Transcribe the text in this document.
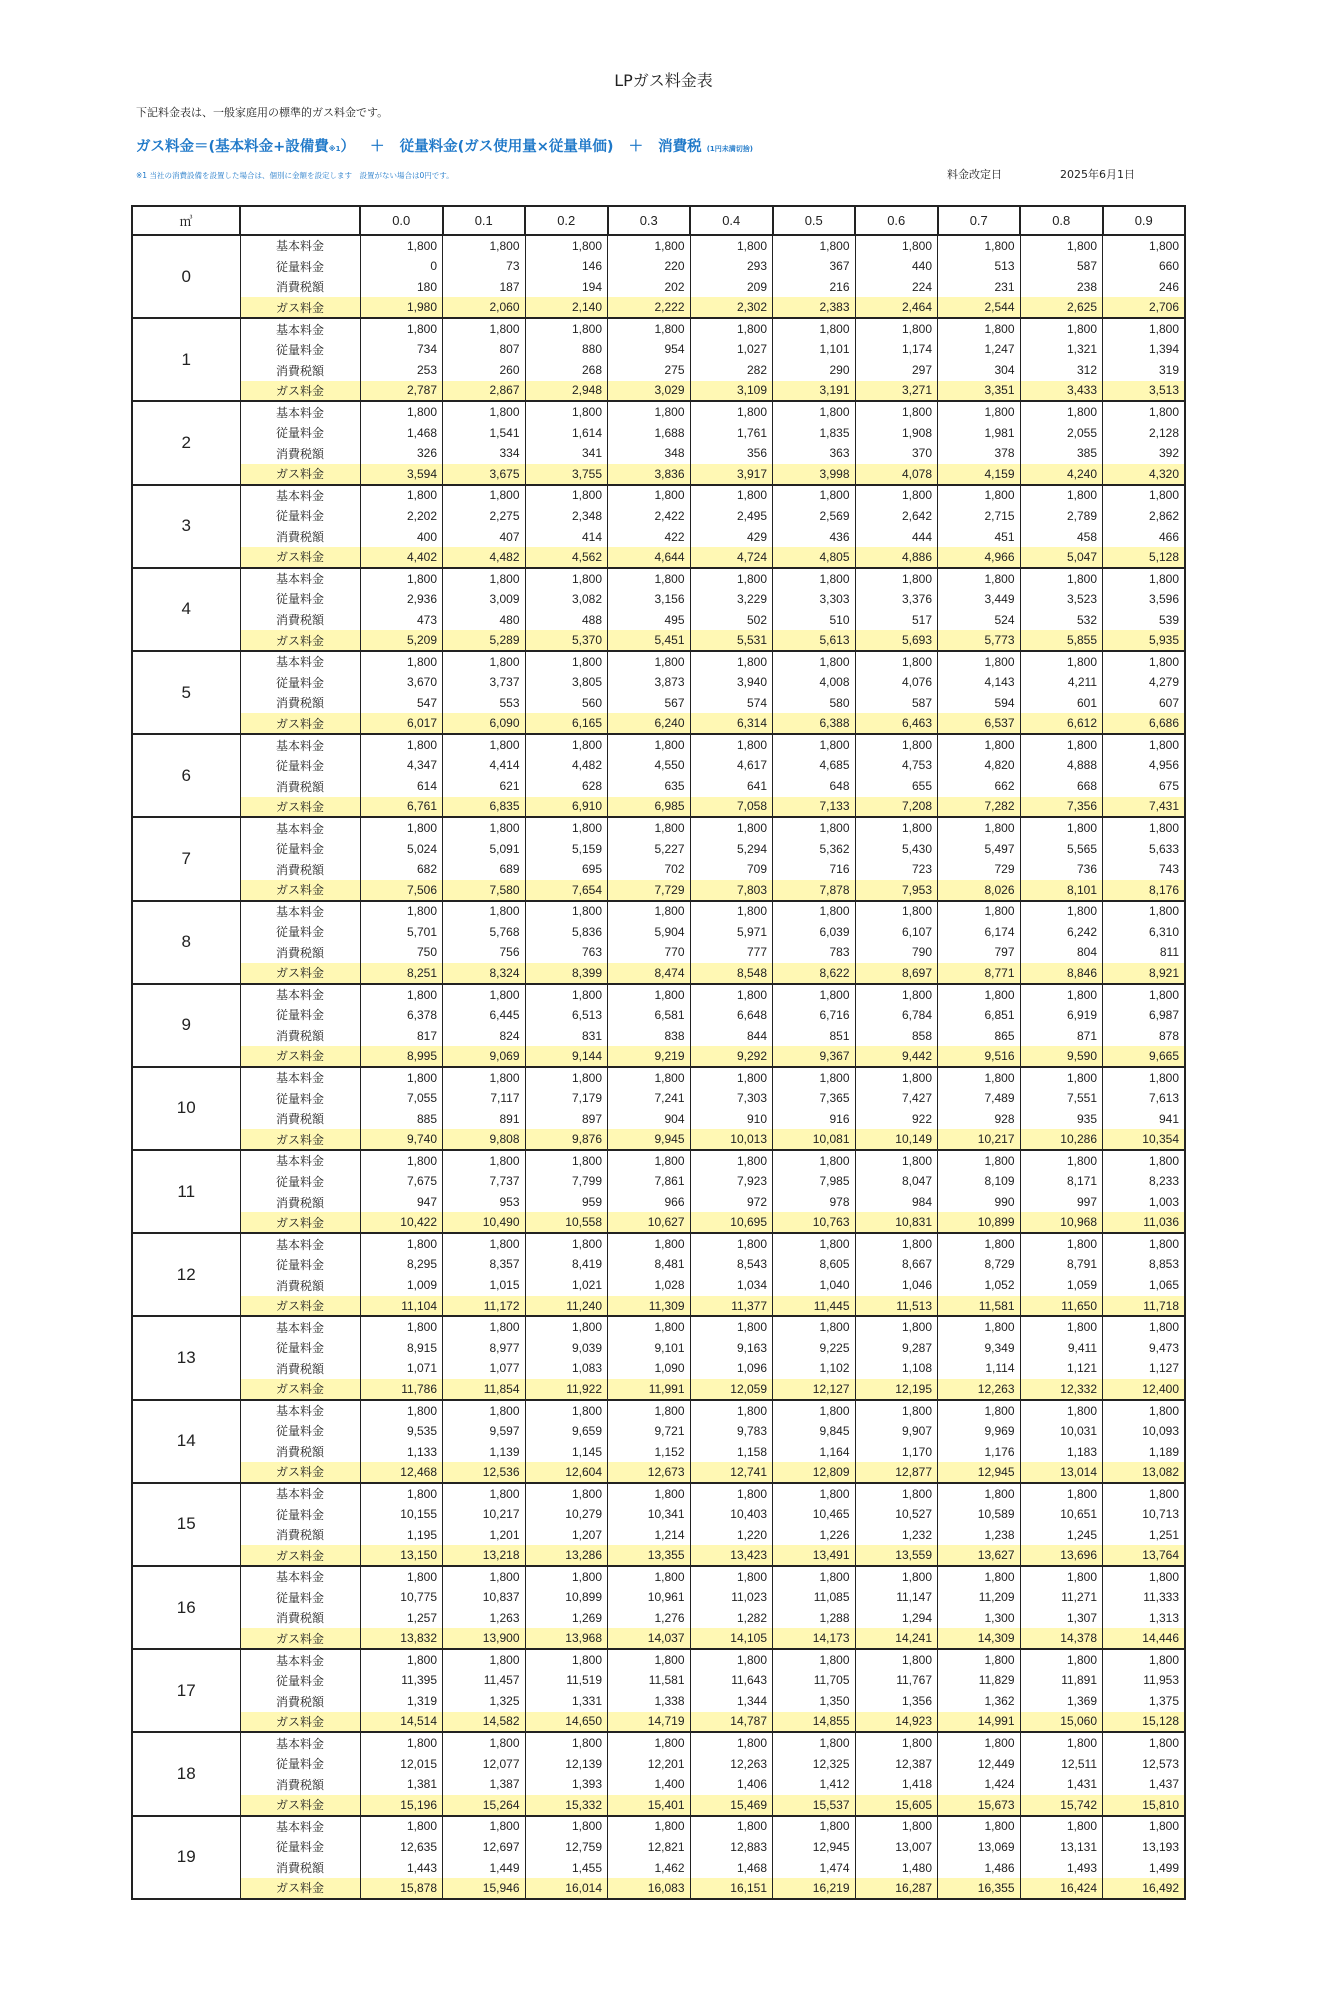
LPガス料金表
下記料金表は、一般家庭用の標準的ガス料金です。
ガス料金＝(基本料金+設備費※1） ＋ 従量料金(ガス使用量×従量単価) ＋ 消費税 (1円未満切捨)
※1 当社の消費設備を設置した場合は、個別に金額を設定します　設置がない場合は0円です。	料金改定日	2025年6月1日
㎥		0.0	0.1	0.2	0.3	0.4	0.5	0.6	0.7	0.8	0.9
0	基本料金	1,800	1,800	1,800	1,800	1,800	1,800	1,800	1,800	1,800	1,800
	従量料金	0	73	146	220	293	367	440	513	587	660
	消費税額	180	187	194	202	209	216	224	231	238	246
	ガス料金	1,980	2,060	2,140	2,222	2,302	2,383	2,464	2,544	2,625	2,706
1	基本料金	1,800	1,800	1,800	1,800	1,800	1,800	1,800	1,800	1,800	1,800
	従量料金	734	807	880	954	1,027	1,101	1,174	1,247	1,321	1,394
	消費税額	253	260	268	275	282	290	297	304	312	319
	ガス料金	2,787	2,867	2,948	3,029	3,109	3,191	3,271	3,351	3,433	3,513
2	基本料金	1,800	1,800	1,800	1,800	1,800	1,800	1,800	1,800	1,800	1,800
	従量料金	1,468	1,541	1,614	1,688	1,761	1,835	1,908	1,981	2,055	2,128
	消費税額	326	334	341	348	356	363	370	378	385	392
	ガス料金	3,594	3,675	3,755	3,836	3,917	3,998	4,078	4,159	4,240	4,320
3	基本料金	1,800	1,800	1,800	1,800	1,800	1,800	1,800	1,800	1,800	1,800
	従量料金	2,202	2,275	2,348	2,422	2,495	2,569	2,642	2,715	2,789	2,862
	消費税額	400	407	414	422	429	436	444	451	458	466
	ガス料金	4,402	4,482	4,562	4,644	4,724	4,805	4,886	4,966	5,047	5,128
4	基本料金	1,800	1,800	1,800	1,800	1,800	1,800	1,800	1,800	1,800	1,800
	従量料金	2,936	3,009	3,082	3,156	3,229	3,303	3,376	3,449	3,523	3,596
	消費税額	473	480	488	495	502	510	517	524	532	539
	ガス料金	5,209	5,289	5,370	5,451	5,531	5,613	5,693	5,773	5,855	5,935
5	基本料金	1,800	1,800	1,800	1,800	1,800	1,800	1,800	1,800	1,800	1,800
	従量料金	3,670	3,737	3,805	3,873	3,940	4,008	4,076	4,143	4,211	4,279
	消費税額	547	553	560	567	574	580	587	594	601	607
	ガス料金	6,017	6,090	6,165	6,240	6,314	6,388	6,463	6,537	6,612	6,686
6	基本料金	1,800	1,800	1,800	1,800	1,800	1,800	1,800	1,800	1,800	1,800
	従量料金	4,347	4,414	4,482	4,550	4,617	4,685	4,753	4,820	4,888	4,956
	消費税額	614	621	628	635	641	648	655	662	668	675
	ガス料金	6,761	6,835	6,910	6,985	7,058	7,133	7,208	7,282	7,356	7,431
7	基本料金	1,800	1,800	1,800	1,800	1,800	1,800	1,800	1,800	1,800	1,800
	従量料金	5,024	5,091	5,159	5,227	5,294	5,362	5,430	5,497	5,565	5,633
	消費税額	682	689	695	702	709	716	723	729	736	743
	ガス料金	7,506	7,580	7,654	7,729	7,803	7,878	7,953	8,026	8,101	8,176
8	基本料金	1,800	1,800	1,800	1,800	1,800	1,800	1,800	1,800	1,800	1,800
	従量料金	5,701	5,768	5,836	5,904	5,971	6,039	6,107	6,174	6,242	6,310
	消費税額	750	756	763	770	777	783	790	797	804	811
	ガス料金	8,251	8,324	8,399	8,474	8,548	8,622	8,697	8,771	8,846	8,921
9	基本料金	1,800	1,800	1,800	1,800	1,800	1,800	1,800	1,800	1,800	1,800
	従量料金	6,378	6,445	6,513	6,581	6,648	6,716	6,784	6,851	6,919	6,987
	消費税額	817	824	831	838	844	851	858	865	871	878
	ガス料金	8,995	9,069	9,144	9,219	9,292	9,367	9,442	9,516	9,590	9,665
10	基本料金	1,800	1,800	1,800	1,800	1,800	1,800	1,800	1,800	1,800	1,800
	従量料金	7,055	7,117	7,179	7,241	7,303	7,365	7,427	7,489	7,551	7,613
	消費税額	885	891	897	904	910	916	922	928	935	941
	ガス料金	9,740	9,808	9,876	9,945	10,013	10,081	10,149	10,217	10,286	10,354
11	基本料金	1,800	1,800	1,800	1,800	1,800	1,800	1,800	1,800	1,800	1,800
	従量料金	7,675	7,737	7,799	7,861	7,923	7,985	8,047	8,109	8,171	8,233
	消費税額	947	953	959	966	972	978	984	990	997	1,003
	ガス料金	10,422	10,490	10,558	10,627	10,695	10,763	10,831	10,899	10,968	11,036
12	基本料金	1,800	1,800	1,800	1,800	1,800	1,800	1,800	1,800	1,800	1,800
	従量料金	8,295	8,357	8,419	8,481	8,543	8,605	8,667	8,729	8,791	8,853
	消費税額	1,009	1,015	1,021	1,028	1,034	1,040	1,046	1,052	1,059	1,065
	ガス料金	11,104	11,172	11,240	11,309	11,377	11,445	11,513	11,581	11,650	11,718
13	基本料金	1,800	1,800	1,800	1,800	1,800	1,800	1,800	1,800	1,800	1,800
	従量料金	8,915	8,977	9,039	9,101	9,163	9,225	9,287	9,349	9,411	9,473
	消費税額	1,071	1,077	1,083	1,090	1,096	1,102	1,108	1,114	1,121	1,127
	ガス料金	11,786	11,854	11,922	11,991	12,059	12,127	12,195	12,263	12,332	12,400
14	基本料金	1,800	1,800	1,800	1,800	1,800	1,800	1,800	1,800	1,800	1,800
	従量料金	9,535	9,597	9,659	9,721	9,783	9,845	9,907	9,969	10,031	10,093
	消費税額	1,133	1,139	1,145	1,152	1,158	1,164	1,170	1,176	1,183	1,189
	ガス料金	12,468	12,536	12,604	12,673	12,741	12,809	12,877	12,945	13,014	13,082
15	基本料金	1,800	1,800	1,800	1,800	1,800	1,800	1,800	1,800	1,800	1,800
	従量料金	10,155	10,217	10,279	10,341	10,403	10,465	10,527	10,589	10,651	10,713
	消費税額	1,195	1,201	1,207	1,214	1,220	1,226	1,232	1,238	1,245	1,251
	ガス料金	13,150	13,218	13,286	13,355	13,423	13,491	13,559	13,627	13,696	13,764
16	基本料金	1,800	1,800	1,800	1,800	1,800	1,800	1,800	1,800	1,800	1,800
	従量料金	10,775	10,837	10,899	10,961	11,023	11,085	11,147	11,209	11,271	11,333
	消費税額	1,257	1,263	1,269	1,276	1,282	1,288	1,294	1,300	1,307	1,313
	ガス料金	13,832	13,900	13,968	14,037	14,105	14,173	14,241	14,309	14,378	14,446
17	基本料金	1,800	1,800	1,800	1,800	1,800	1,800	1,800	1,800	1,800	1,800
	従量料金	11,395	11,457	11,519	11,581	11,643	11,705	11,767	11,829	11,891	11,953
	消費税額	1,319	1,325	1,331	1,338	1,344	1,350	1,356	1,362	1,369	1,375
	ガス料金	14,514	14,582	14,650	14,719	14,787	14,855	14,923	14,991	15,060	15,128
18	基本料金	1,800	1,800	1,800	1,800	1,800	1,800	1,800	1,800	1,800	1,800
	従量料金	12,015	12,077	12,139	12,201	12,263	12,325	12,387	12,449	12,511	12,573
	消費税額	1,381	1,387	1,393	1,400	1,406	1,412	1,418	1,424	1,431	1,437
	ガス料金	15,196	15,264	15,332	15,401	15,469	15,537	15,605	15,673	15,742	15,810
19	基本料金	1,800	1,800	1,800	1,800	1,800	1,800	1,800	1,800	1,800	1,800
	従量料金	12,635	12,697	12,759	12,821	12,883	12,945	13,007	13,069	13,131	13,193
	消費税額	1,443	1,449	1,455	1,462	1,468	1,474	1,480	1,486	1,493	1,499
	ガス料金	15,878	15,946	16,014	16,083	16,151	16,219	16,287	16,355	16,424	16,492
